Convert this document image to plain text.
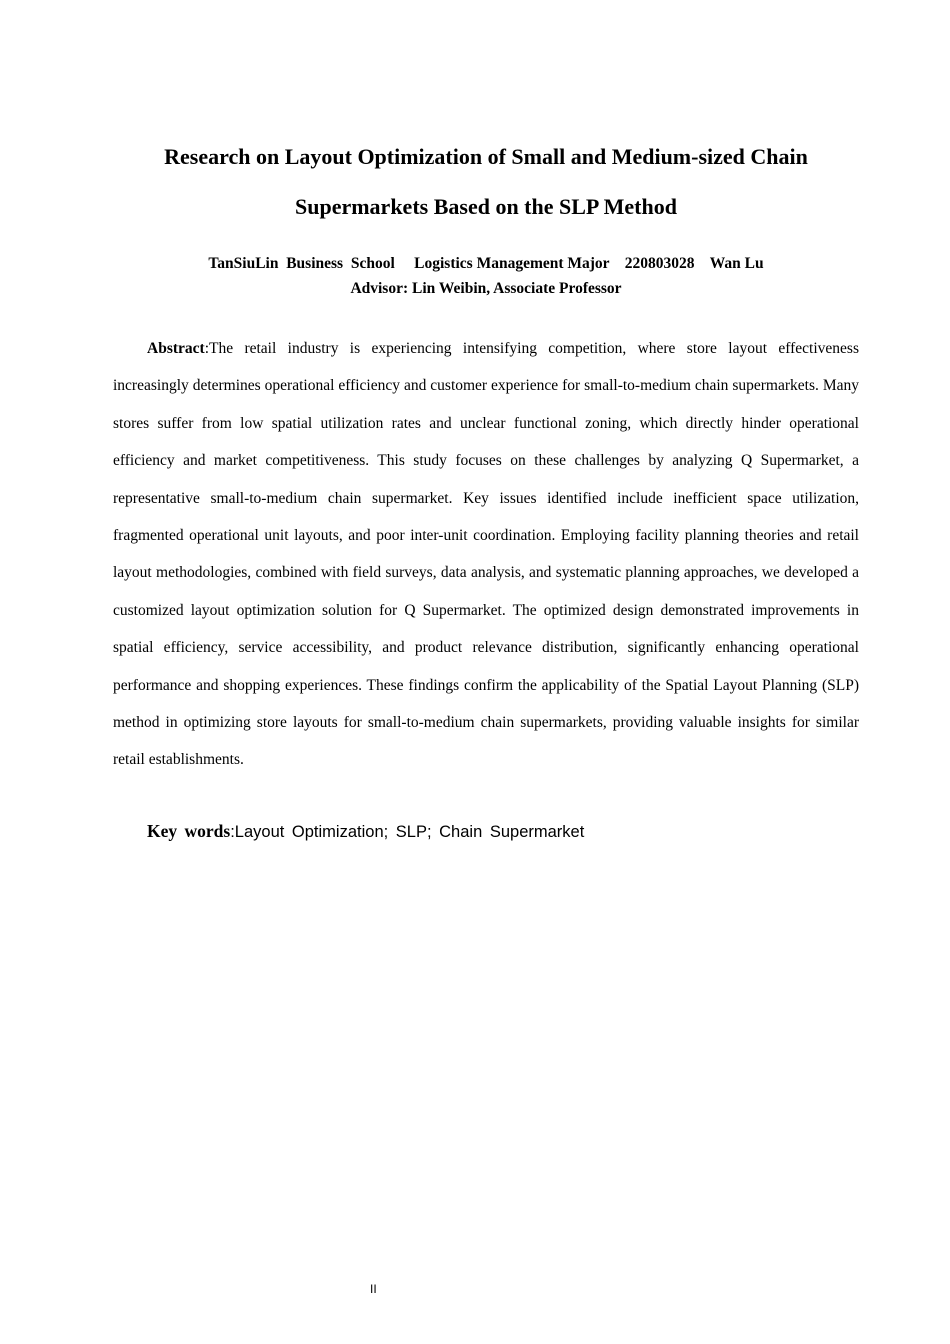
Research on Layout Optimization of Small and Medium-sized Chain
Supermarkets Based on the SLP Method
TanSiuLin  Business  School     Logistics Management Major    220803028    Wan Lu
Advisor: Lin Weibin, Associate Professor

Abstract:The retail industry is experiencing intensifying competition, where store layout effectiveness increasingly determines operational efficiency and customer experience for small-to-medium chain supermarkets. Many stores suffer from low spatial utilization rates and unclear functional zoning, which directly hinder operational efficiency and market competitiveness. This study focuses on these challenges by analyzing Q Supermarket, a representative small-to-medium chain supermarket. Key issues identified include inefficient space utilization, fragmented operational unit layouts, and poor inter-unit coordination. Employing facility planning theories and retail layout methodologies, combined with field surveys, data analysis, and systematic planning approaches, we developed a customized layout optimization solution for Q Supermarket. The optimized design demonstrated improvements in spatial efficiency, service accessibility, and product relevance distribution, significantly enhancing operational performance and shopping experiences. These findings confirm the applicability of the Spatial Layout Planning (SLP) method in optimizing store layouts for small-to-medium chain supermarkets, providing valuable insights for similar retail establishments.

Key words:Layout Optimization; SLP; Chain Supermarket

II
